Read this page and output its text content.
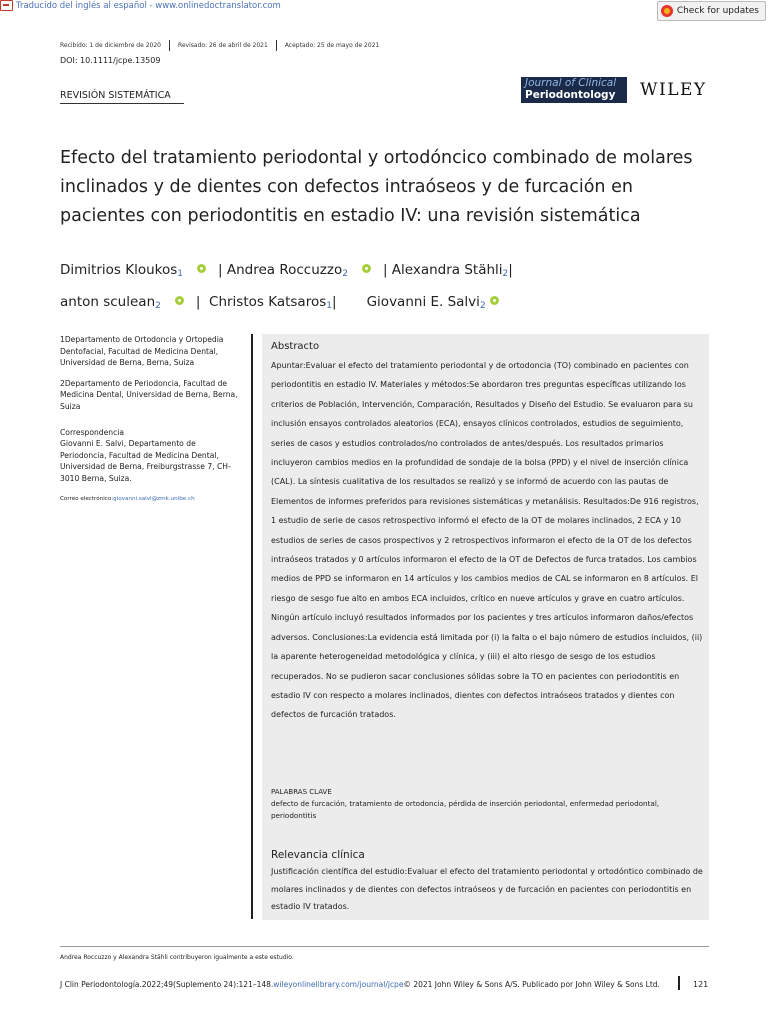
Traducido del inglés al español - www.onlinedoctranslator.com
Check for updates
Recibido: 1 de diciembre de 2020	Revisado: 26 de abril de 2021	Aceptado: 25 de mayo de 2021
DOI: 10.1111/jcpe.13509
REVISIÓN SISTEMÁTICA
Journal of Clinical
Periodontology WILEY
Efecto del tratamiento periodontal y ortodóncico combinado de molares inclinados y de dientes con defectos intraóseos y de furcación en pacientes con periodontitis en estadio IV: una revisión sistemática
Dimitrios Kloukos$_1$	| Andrea Roccuzzo$_2$	| Alexandra Stähli$_2$|
anton sculean$_2$	|  Christos Katsaros$_1$| Giovanni E. Salvi$_2$

1Departamento de Ortodoncia y Ortopedia Dentofacial, Facultad de Medicina Dental, Universidad de Berna, Berna, Suiza

2Departamento de Periodoncia, Facultad de Medicina Dental, Universidad de Berna, Berna, Suiza

Correspondencia
Giovanni E. Salvi, Departamento de Periodoncia, Facultad de Medicina Dental, Universidad de Berna, Freiburgstrasse 7, CH-3010 Berna, Suiza.

Correo electrónico:giovanni.salvi@zmk.unibe.ch

Abstracto

Apuntar:Evaluar el efecto del tratamiento periodontal y de ortodoncia (TO) combinado en pacientes con periodontitis en estadio IV. Materiales y métodos:Se abordaron tres preguntas específicas utilizando los criterios de Población, Intervención, Comparación, Resultados y Diseño del Estudio. Se evaluaron para su inclusión ensayos controlados aleatorios (ECA), ensayos clínicos controlados, estudios de seguimiento, series de casos y estudios controlados/no controlados de antes/después. Los resultados primarios incluyeron cambios medios en la profundidad de sondaje de la bolsa (PPD) y el nivel de inserción clínica (CAL). La síntesis cualitativa de los resultados se realizó y se informó de acuerdo con las pautas de Elementos de informes preferidos para revisiones sistemáticas y metanálisis. Resultados:De 916 registros, 1 estudio de serie de casos retrospectivo informó el efecto de la OT de molares inclinados, 2 ECA y 10 estudios de series de casos prospectivos y 2 retrospectivos informaron el efecto de la OT de los defectos intraóseos tratados y 0 artículos informaron el efecto de la OT de Defectos de furca tratados. Los cambios medios de PPD se informaron en 14 artículos y los cambios medios de CAL se informaron en 8 artículos. El riesgo de sesgo fue alto en ambos ECA incluidos, crítico en nueve artículos y grave en cuatro artículos. Ningún artículo incluyó resultados informados por los pacientes y tres artículos informaron daños/efectos adversos. Conclusiones:La evidencia está limitada por (i) la falta o el bajo número de estudios incluidos, (ii) la aparente heterogeneidad metodológica y clínica, y (iii) el alto riesgo de sesgo de los estudios recuperados. No se pudieron sacar conclusiones sólidas sobre la TO en pacientes con periodontitis en estadio IV con respecto a molares inclinados, dientes con defectos intraóseos tratados y dientes con defectos de furcación tratados.

PALABRAS CLAVE
defecto de furcación, tratamiento de ortodoncia, pérdida de inserción periodontal, enfermedad periodontal, periodontitis
Relevancia clínica
Justificación científica del estudio:Evaluar el efecto del tratamiento periodontal y ortodóntico combinado de molares inclinados y de dientes con defectos intraóseos y de furcación en pacientes con periodontitis en estadio IV tratados.
Andrea Roccuzzo y Alexandra Stähli contribuyeron igualmente a este estudio.
J Clin Periodontología.2022;49(Suplemento 24):121–148.wileyonlinelibrary.com/journal/jcpe© 2021 John Wiley & Sons A/S. Publicado por John Wiley & Sons Ltd.	121
